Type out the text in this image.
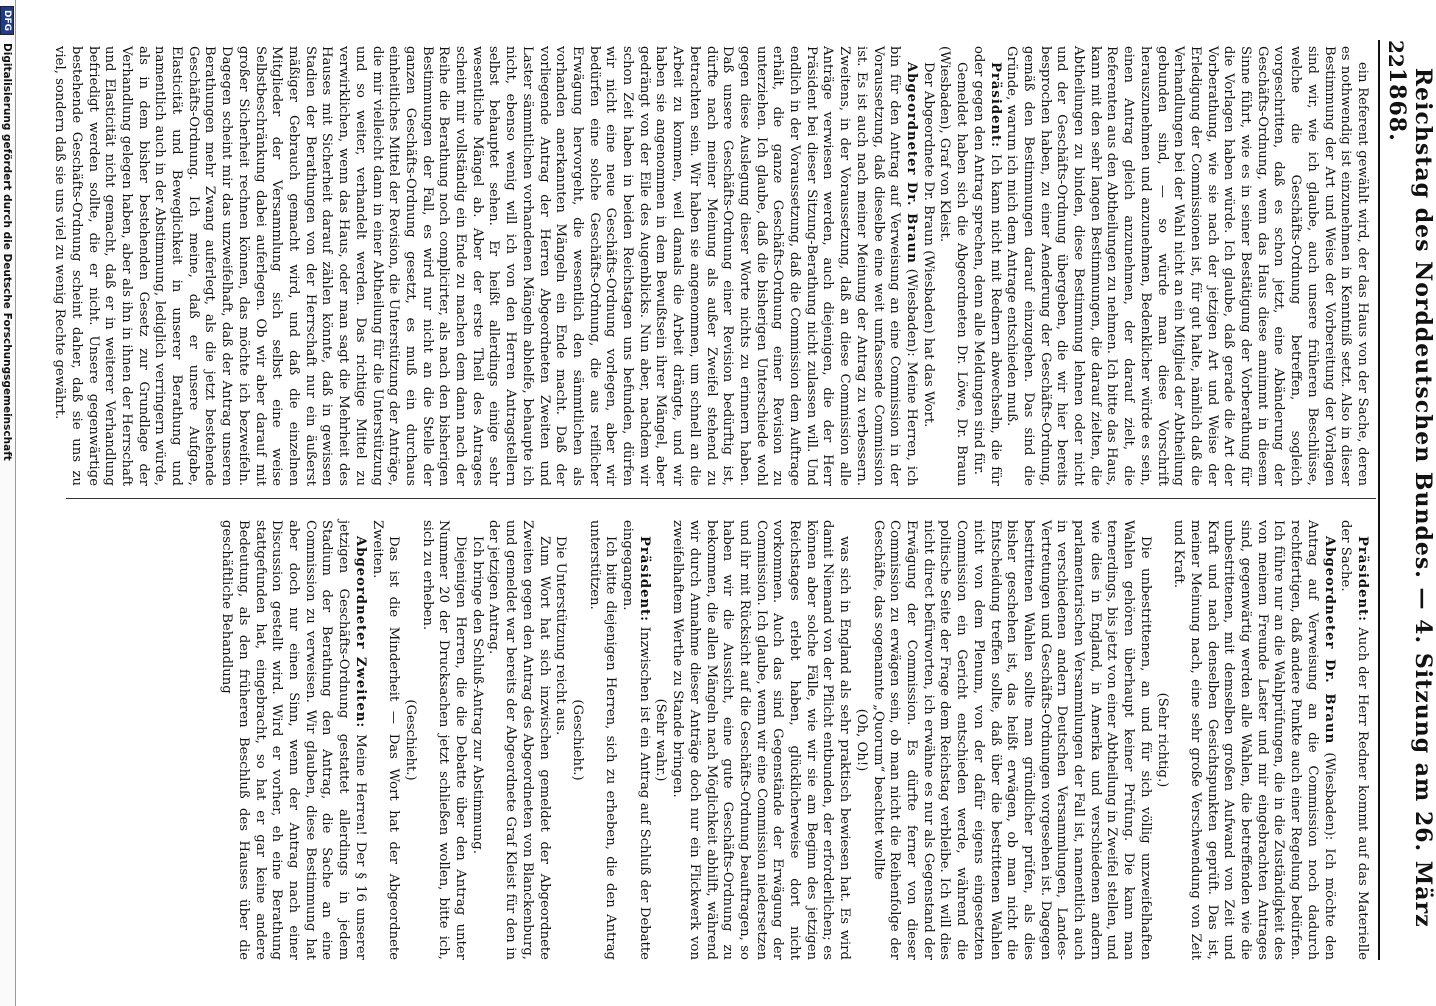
22
Reichstag des Norddeutschen Bundes. — 4. Sitzung am 26. März 1868.

ein Referent gewählt wird, der das Haus von der Sache, deren es nothwendig ist einzunehmen in Kenntniß setzt. Also in dieser Bestimmung der Art und Weise der Vorbereitung der Vorlagen sind wir, wie ich glaube, auch unsere früheren Beschlüsse, welche die Geschäfts-Ordnung betreffen, sogleich vorgeschritten, daß es schon jetzt, eine Abänderung der Geschäfts-Ordnung, wenn das Haus diese annimmt in diesem Sinne führt, wie es in seiner Bestätigung der Vorberathung für die Vorlagen haben würde. Ich glaube, daß gerade die Art der Vorberathung, wie sie nach der jetzigen Art und Weise der Erledigung der Commissionen ist, für gut halte, nämlich daß die Verhandlungen bei der Wahl nicht an ein Mitglied der Abtheilung gebunden sind, — so würde man diese Vorschrift herauszunehmen und anzunehmen, Bedenklicher würde es sein, einen Antrag gleich anzunehmen, der darauf zielt, die Referenten aus den Abtheilungen zu nehmen. Ich bitte das Haus, kann mit den sehr langen Bestimmungen, die darauf zielten, die Abtheilungen zu binden, diese Bestimmung lehnen oder nicht und der Geschäfts-Ordnung übergeben, die wir hier bereits besprochen haben, zu einer Aenderung der Geschäfts-Ordnung, gemäß den Bestimmungen darauf einzugehen. Das sind die Gründe, warum ich mich dem Antrage entschieden muß.

Präsident: Ich kann nicht mit Rednern abwechseln, die für oder gegen den Antrag sprechen, denn alle Meldungen sind für.

Gemeldet haben sich die Abgeordneten Dr. Löwe, Dr. Braun (Wiesbaden), Graf von Kleist.

Der Abgeordnete Dr. Braun (Wiesbaden) hat das Wort.

Abgeordneter Dr. Braun (Wiesbaden): Meine Herren, ich bin für den Antrag auf Verweisung an eine Commission in der Voraussetzung, daß dieselbe eine weit umfassende Commission ist. Es ist auch nach meiner Meinung der Antrag zu verbessern. Zweitens, in der Voraussetzung, daß an diese Commission alle Anträge verwiesen werden, auch diejenigen, die der Herr Präsident bei dieser Sitzung-Berathung nicht zulassen will. Und endlich in der Voraussetzung, daß die Commission dem Auftrage erhält, die ganze Geschäfts-Ordnung einer Revision zu unterziehen. Ich glaube, daß die bisherigen Unterschiede wohl gegen diese Auslegung dieser Worte nichts zu erinnern haben. Daß unsere Geschäfts-Ordnung einer Revision bedürftig ist, dürfte nach meiner Meinung als außer Zweifel stehend zu betrachten sein. Wir haben sie angenommen, um schnell an die Arbeit zu kommen, weil damals die Arbeit drängte, und wir haben sie angenommen in dem Bewußtsein ihrer Mängel, aber gedrängt von der Eile des Augenblicks. Nun aber, nachdem wir schon Zeit haben in beiden Reichstagen uns befunden, dürfen wir nicht eine neue Geschäfts-Ordnung vorlegen, aber wir bedürfen eine solche Geschäfts-Ordnung, die aus reiflicher Erwägung hervorgeht, die wesentlich den sämmtlichen als vorhanden anerkannten Mängeln ein Ende macht. Daß der vorliegende Antrag der Herren Abgeordneten Zweiten und Laster sämmtlichen vorhandenen Mängeln abhelfe, behaupte ich nicht, ebenso wenig will ich von den Herren Antragstellern selbst behauptet sehen. Er heißt allerdings einige sehr wesentliche Mängel ab. Aber der erste Theil des Antrages scheint mir vollständig ein Ende zu machen dem dann nach der Reihe die Berathung noch complicirter, als nach den bisherigen Bestimmungen der Fall, es wird nur nicht an die Stelle der ganzen Geschäfts-Ordnung gesetzt, es muß ein durchaus einheitliches Mittel der Revision, die Unterstützung der Anträge, die mir vielleicht dann in einer Abtheilung für die Unterstützung und so weiter, verhandelt werden. Das richtige Mittel zu verwirklichen, wenn das Haus, oder man sagt die Mehrheit des Hauses mit Sicherheit darauf zählen könnte, daß in gewissen Stadien der Berathungen von der Herrschaft nur ein äußerst mäßiger Gebrauch gemacht wird, und daß die einzelnen Mitglieder der Versammlung sich selbst eine weise Selbstbeschränkung dabei auferlegen. Ob wir aber darauf mit großer Sicherheit rechnen können, das möchte ich bezweifeln. Dagegen scheint mir das unzweifelhaft, daß der Antrag unseren Berathungen mehr Zwang auferlegt, als die jetzt bestehende Geschäfts-Ordnung. Ich meine, daß er unsere Aufgabe, Elasticität und Beweglichkeit in unserer Berathung und namentlich auch in der Abstimmung, lediglich verringern würde, als in dem bisher bestehenden Gesetz zur Grundlage der Verhandlung gelegen haben, aber als ihn in ihnen der Herrschaft und Elasticität nicht gemacht, daß er in weiterer Verhandlung befriedigt werden sollte, die er nicht. Unsere gegenwärtige bestehende Geschäfts-Ordnung scheint daher, daß sie uns zu viel, sondern daß sie uns viel zu wenig Rechte gewährt.

Präsident: Auch der Herr Redner kommt auf das Materielle der Sache.

Abgeordneter Dr. Braun (Wiesbaden): Ich möchte den Antrag auf Verweisung an die Commission noch dadurch rechtfertigen, daß andere Punkte auch einer Regelung bedürfen. Ich führe nur an die Wahlprüfungen, die in die Zuständigkeit des von meinem Freunde Laster und mir eingebrachten Antrages sind, gegenwärtig werden alle Wahlen, die betreffenden wie die unbestrittenen, mit demselben großen Aufwand von Zeit und Kraft und nach denselben Gesichtspunkten geprüft. Das ist, meiner Meinung nach, eine sehr große Verschwendung von Zeit und Kraft.

(Sehr richtig.)

Die unbestrittenen, an und für sich völlig unzweifelhaften Wahlen gehören überhaupt keiner Prüfung. Die kann man ternerdings, bis jetzt von einer Abtheilung in Zweifel stellen, und wie dies in England, in Amerika und verschiedenen andern parlamentarischen Versammlungen der Fall ist, namentlich auch in verschiedenen andern Deutschen Versammlungen, Landes-Vertretungen und Geschäfts-Ordnungen vorgesehen ist. Dagegen bestrittenen Wahlen sollte man gründlicher prüfen, als dies bisher geschehen ist, das heißt erwägen, ob man nicht die Entscheidung treffen sollte, daß über die bestrittenen Wahlen nicht von dem Plenum, von der dafür eigens eingesetzten Commission ein Gericht entschieden werde, während die politische Seite der Frage dem Reichstag verbleibe. Ich will dies nicht direct befürworten, ich erwähne es nur als Gegenstand der Erwägung der Commission. Es dürfte ferner von dieser Commission zu erwägen sein, ob man nicht die Reihenfolge der Geschäfte, das sogenannte „Quorum“ beachtet wollte

(Oh, Oh!)

was sich in England als sehr praktisch bewiesen hat. Es wird damit Niemand von der Pflicht entbunden, der erforderlichen; es können aber solche Fälle, wie wir sie am Beginn des jetzigen Reichstages erlebt haben, glücklicherweise dort nicht vorkommen. Auch das sind Gegenstände der Erwägung der Commission. Ich glaube, wenn wir eine Commission niedersetzen und ihr mit Rücksicht auf die Geschäfts-Ordnung beauftragen, so haben wir die Aussicht, eine gute Geschäfts-Ordnung zu bekommen, die allen Mängeln nach Möglichkeit abhilft, während wir durch Annahme dieser Anträge doch nur ein Flickwerk von zweifelhaftem Werthe zu Stande bringen.

(Sehr wahr.)

Präsident: Inzwischen ist ein Antrag auf Schluß der Debatte eingegangen.

Ich bitte diejenigen Herren, sich zu erheben, die den Antrag unterstützen.

(Geschieht.)

Die Unterstützung reicht aus.

Zum Wort hat sich inzwischen gemeldet der Abgeordnete Zweiten gegen den Antrag des Abgeordneten von Blanckenburg, und gemeldet war bereits der Abgeordnete Graf Kleist für den in der jetzigen Antrag.

Ich bringe den Schluß-Antrag zur Abstimmung.

Diejenigen Herren, die die Debatte über den Antrag unter Nummer 20 der Drucksachen jetzt schließen wollen, bitte ich, sich zu erheben.

(Geschieht.)

Das ist die Minderheit — Das Wort hat der Abgeordnete Zweiten.

Abgeordneter Zweiten: Meine Herren! Der § 16 unserer jetzigen Geschäfts-Ordnung gestattet allerdings in jedem Stadium der Berathung den Antrag, die Sache an eine Commission zu verweisen. Wir glauben, diese Bestimmung hat aber doch nur einen Sinn, wenn der Antrag nach einer Discussion gestellt wird. Wird er vorher, eh eine Berathung stattgefunden hat, eingebracht, so hat er gar keine andere Bedeutung, als den früheren Beschluß des Hauses über die geschäftliche Behandlung

DFG
Digitalisierung gefördert durch die Deutsche Forschungsgemeinschaft
